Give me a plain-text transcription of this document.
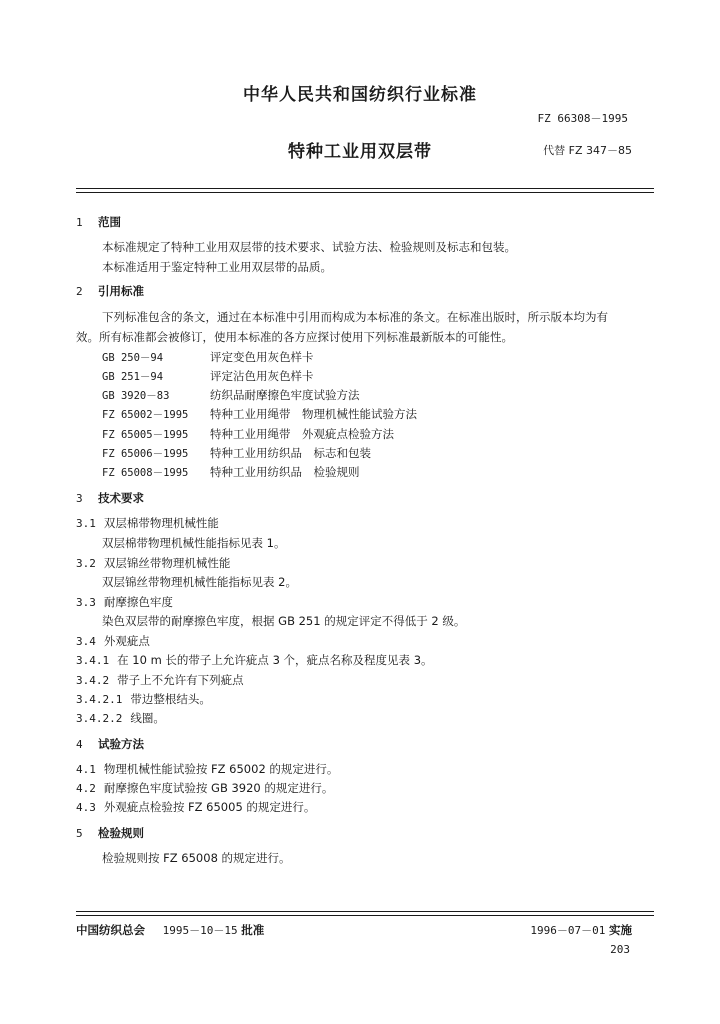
中华人民共和国纺织行业标准
FZ 66308－1995
特种工业用双层带	代替 FZ 347－85
1 范围
本标准规定了特种工业用双层带的技术要求、试验方法、检验规则及标志和包装。
本标准适用于鉴定特种工业用双层带的品质。
2 引用标准
下列标准包含的条文，通过在本标准中引用而构成为本标准的条文。在标准出版时，所示版本均为有
效。所有标准都会被修订，使用本标准的各方应探讨使用下列标准最新版本的可能性。
GB 250－94	评定变色用灰色样卡
GB 251－94	评定沾色用灰色样卡
GB 3920－83	纺织品耐摩擦色牢度试验方法
FZ 65002－1995 特种工业用绳带　物理机械性能试验方法
FZ 65005－1995 特种工业用绳带　外观疵点检验方法
FZ 65006－1995 特种工业用纺织品　标志和包装
FZ 65008－1995 特种工业用纺织品　检验规则
3 技术要求
3.1 双层棉带物理机械性能
双层棉带物理机械性能指标见表 1。
3.2 双层锦丝带物理机械性能
双层锦丝带物理机械性能指标见表 2。
3.3 耐摩擦色牢度
染色双层带的耐摩擦色牢度，根据 GB 251 的规定评定不得低于 2 级。
3.4 外观疵点
3.4.1 在 10 m 长的带子上允许疵点 3 个，疵点名称及程度见表 3。
3.4.2 带子上不允许有下列疵点
3.4.2.1 带边整根结头。
3.4.2.2 线圈。
4 试验方法
4.1 物理机械性能试验按 FZ 65002 的规定进行。
4.2 耐摩擦色牢度试验按 GB 3920 的规定进行。
4.3 外观疵点检验按 FZ 65005 的规定进行。
5 检验规则
检验规则按 FZ 65008 的规定进行。
中国纺织总会 1995－10－15 批准	1996－07－01 实施
203
